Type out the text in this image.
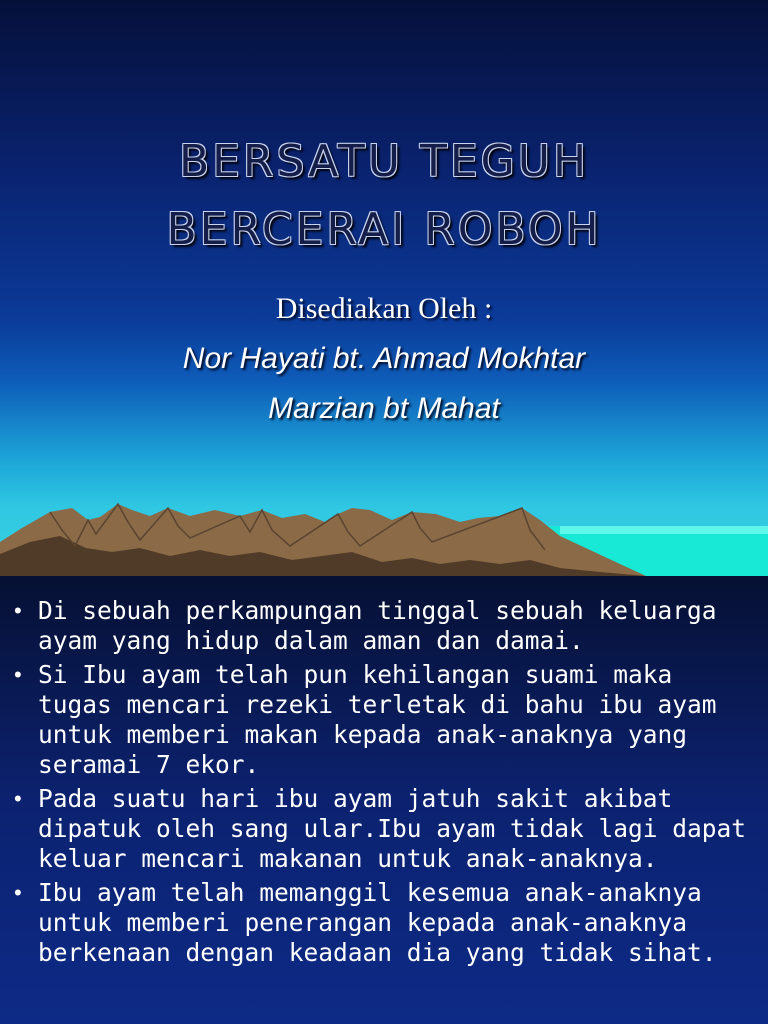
BERSATU TEGUH
BERCERAI ROBOH
Disediakan Oleh :
Nor Hayati bt. Ahmad Mokhtar
Marzian bt Mahat
• Di sebuah perkampungan tinggal sebuah keluarga ayam yang hidup dalam aman dan damai.
• Si Ibu ayam telah pun kehilangan suami maka tugas mencari rezeki terletak di bahu ibu ayam untuk memberi makan kepada anak-anaknya yang seramai 7 ekor.
• Pada suatu hari ibu ayam jatuh sakit akibat dipatuk oleh sang ular.Ibu ayam tidak lagi dapat keluar mencari makanan untuk anak-anaknya.
• Ibu ayam telah memanggil kesemua anak-anaknya untuk memberi penerangan kepada anak-anaknya berkenaan dengan keadaan dia yang tidak sihat.
